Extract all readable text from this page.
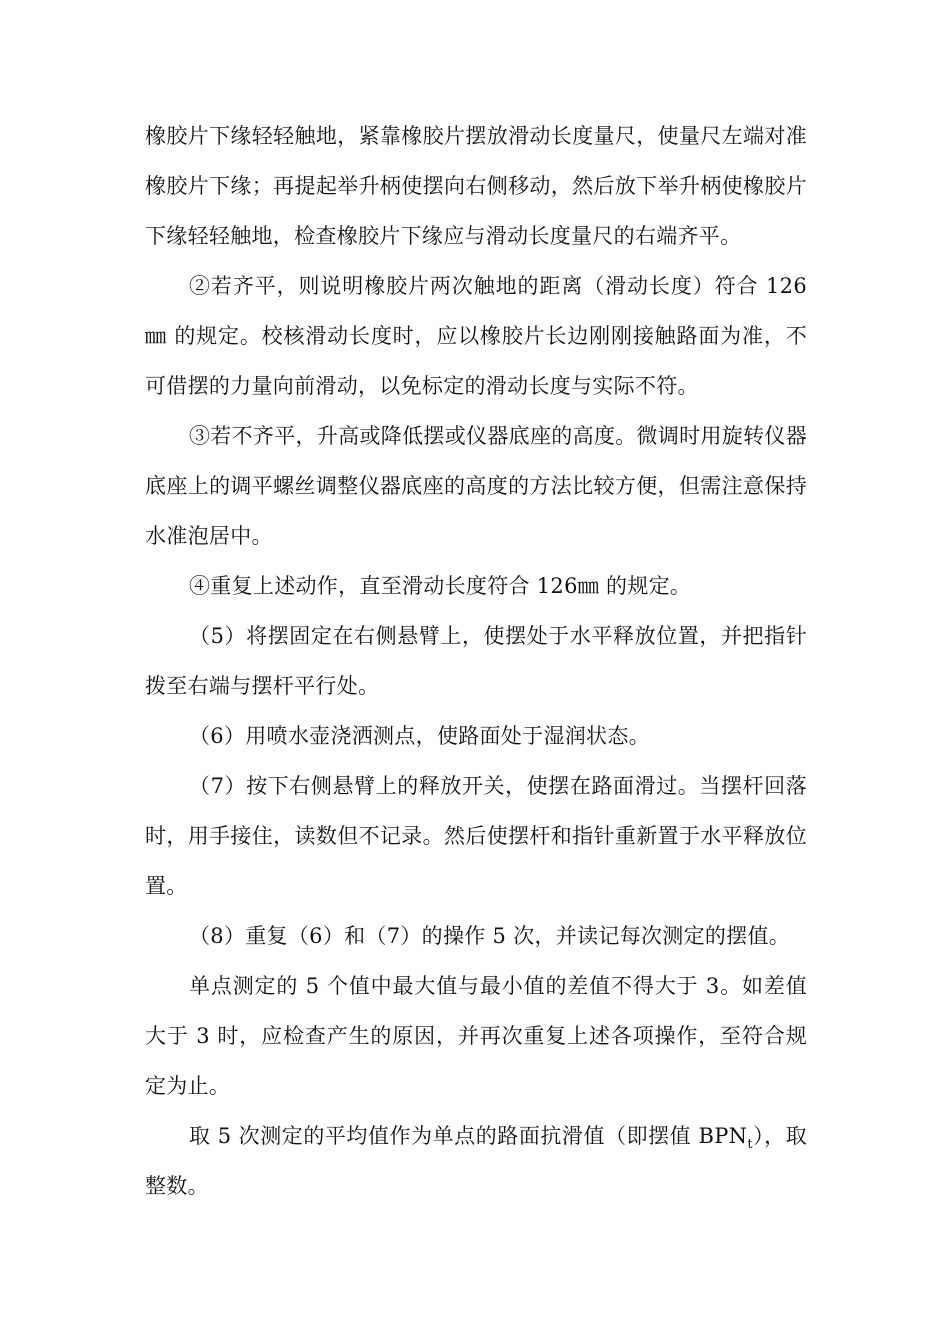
橡胶片下缘轻轻触地，紧靠橡胶片摆放滑动长度量尺，使量尺左端对准橡胶片下缘；再提起举升柄使摆向右侧移动，然后放下举升柄使橡胶片下缘轻轻触地，检查橡胶片下缘应与滑动长度量尺的右端齐平。

②若齐平，则说明橡胶片两次触地的距离（滑动长度）符合 126㎜ 的规定。校核滑动长度时，应以橡胶片长边刚刚接触路面为准，不可借摆的力量向前滑动，以免标定的滑动长度与实际不符。

③若不齐平，升高或降低摆或仪器底座的高度。微调时用旋转仪器底座上的调平螺丝调整仪器底座的高度的方法比较方便，但需注意保持水准泡居中。

④重复上述动作，直至滑动长度符合 126㎜ 的规定。

（5）将摆固定在右侧悬臂上，使摆处于水平释放位置，并把指针拨至右端与摆杆平行处。

（6）用喷水壶浇洒测点，使路面处于湿润状态。

（7）按下右侧悬臂上的释放开关，使摆在路面滑过。当摆杆回落时，用手接住，读数但不记录。然后使摆杆和指针重新置于水平释放位置。

（8）重复（6）和（7）的操作 5 次，并读记每次测定的摆值。

单点测定的 5 个值中最大值与最小值的差值不得大于 3。如差值大于 3 时，应检查产生的原因，并再次重复上述各项操作，至符合规定为止。

取 5 次测定的平均值作为单点的路面抗滑值（即摆值 $BPN_t$），取整数。
